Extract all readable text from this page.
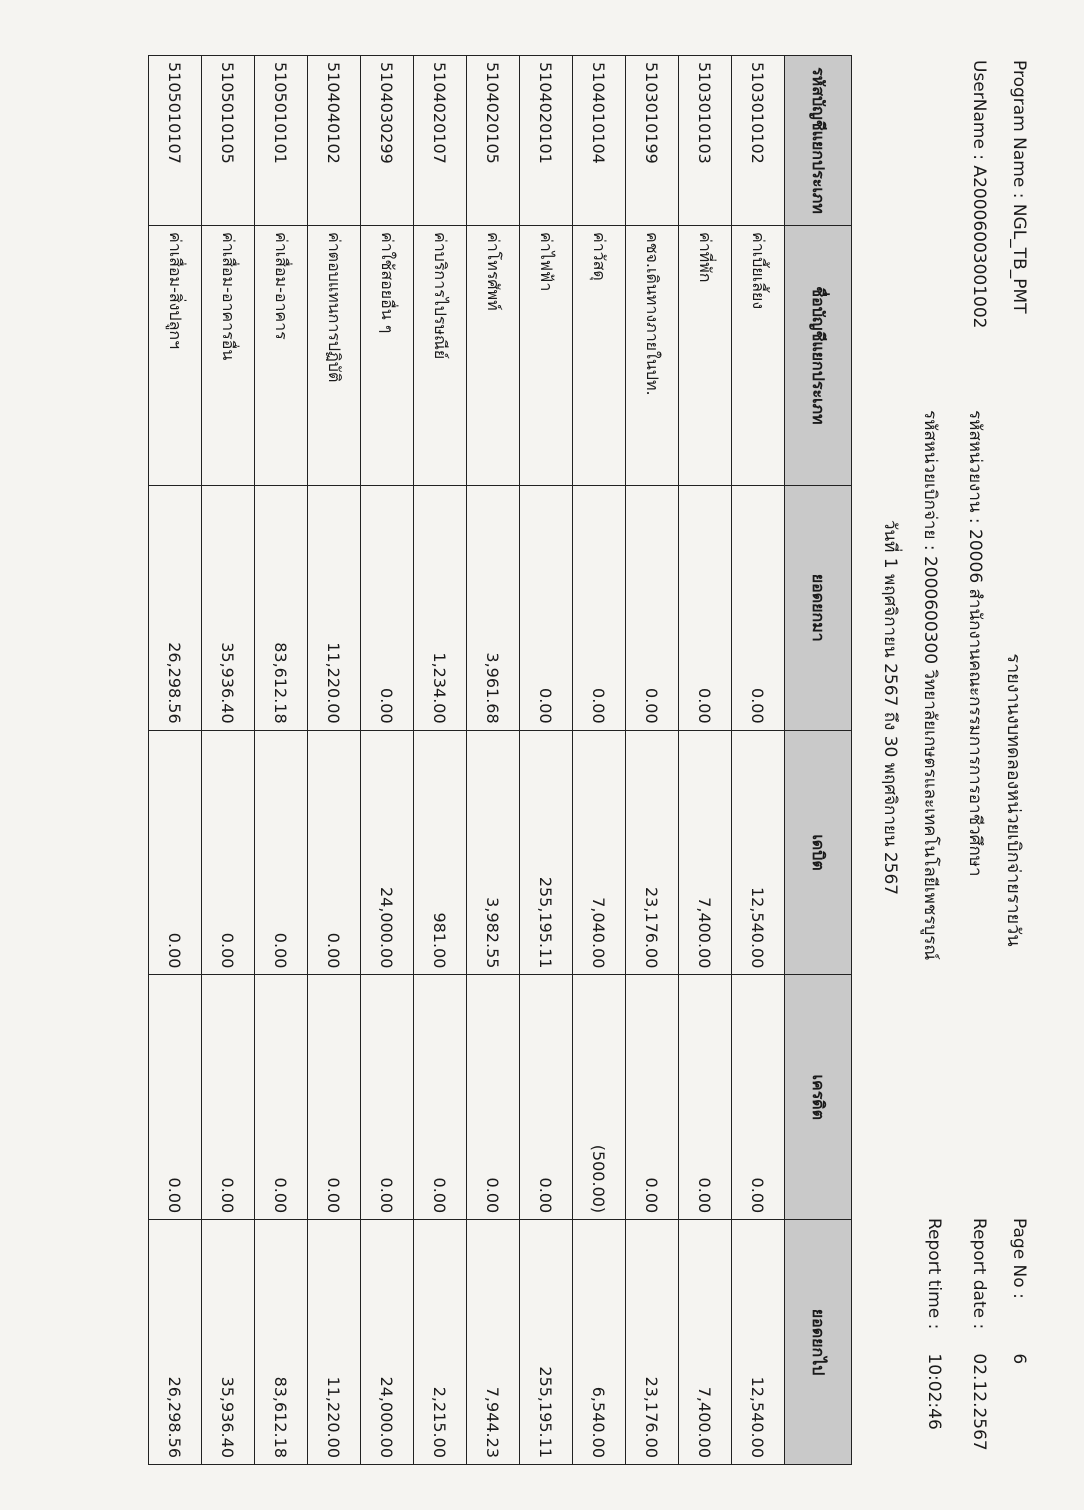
Program Name : NGL_TB_PMT
UserName : A20006003001002
รายงานงบทดลองหน่วยเบิกจ่ายรายวัน
รหัสหน่วยงาน : 20006 สำนักงานคณะกรรมการการอาชีวศึกษา
รหัสหน่วยเบิกจ่าย : 2000600300 วิทยาลัยเกษตรและเทคโนโลยีเพชรบูรณ์
วันที่ 1 พฤศจิกายน 2567 ถึง 30 พฤศจิกายน 2567
Page No : 6
Report date : 02.12.2567
Report time : 10:02:46
รหัสบัญชีแยกประเภท	ชื่อบัญชีแยกประเภท	ยอดยกมา	เดบิต	เครดิต	ยอดยกไป
5103010102	ค่าเบี้ยเลี้ยง	0.00	12,540.00	0.00	12,540.00
5103010103	ค่าที่พัก	0.00	7,400.00	0.00	7,400.00
5103010199	คชจ.เดินทางภายในปท.	0.00	23,176.00	0.00	23,176.00
5104010104	ค่าวัสดุ	0.00	7,040.00	(500.00)	6,540.00
5104020101	ค่าไฟฟ้า	0.00	255,195.11	0.00	255,195.11
5104020105	ค่าโทรศัพท์	3,961.68	3,982.55	0.00	7,944.23
5104020107	ค่าบริการไปรษณีย์	1,234.00	981.00	0.00	2,215.00
5104030299	ค่าใช้สอยอื่น ๆ	0.00	24,000.00	0.00	24,000.00
5104040102	ค่าตอบแทนการปฏิบัติ	11,220.00	0.00	0.00	11,220.00
5105010101	ค่าเสื่อม-อาคาร	83,612.18	0.00	0.00	83,612.18
5105010105	ค่าเสื่อม-อาคารอื่น	35,936.40	0.00	0.00	35,936.40
5105010107	ค่าเสื่อม-สิ่งปลูกฯ	26,298.56	0.00	0.00	26,298.56
